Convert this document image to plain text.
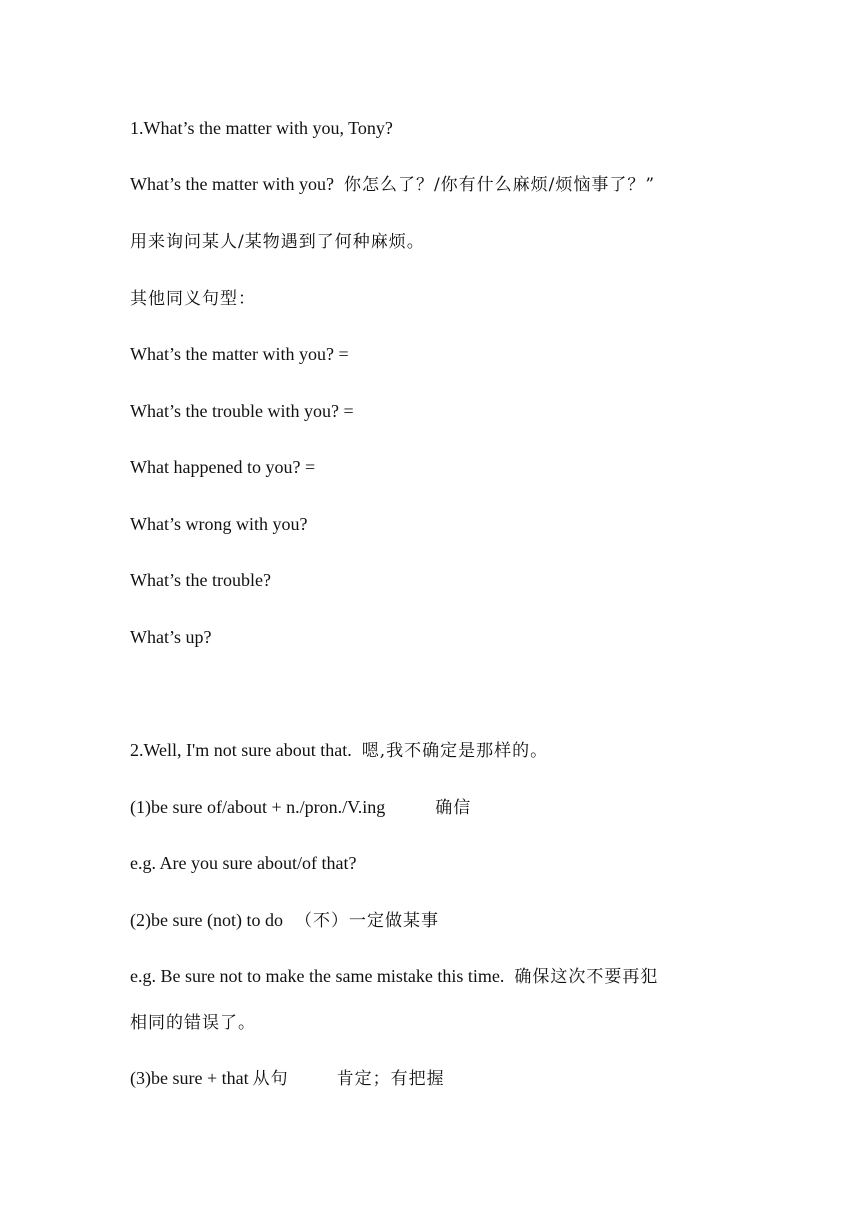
1.What’s the matter with you, Tony?
What’s the matter with you? 你怎么了？/你有什么麻烦/烦恼事了？”
用来询问某人/某物遇到了何种麻烦。
其他同义句型：
What’s the matter with you? =
What’s the trouble with you? =
What happened to you? =
What’s wrong with you?
What’s the trouble?
What’s up?
2.Well, I'm not sure about that. 嗯,我不确定是那样的。
(1)be sure of/about + n./pron./V.ing	确信
e.g. Are you sure about/of that?
(2)be sure (not) to do （不）一定做某事
e.g. Be sure not to make the same mistake this time. 确保这次不要再犯
相同的错误了。
(3)be sure + that 从句	肯定；有把握
